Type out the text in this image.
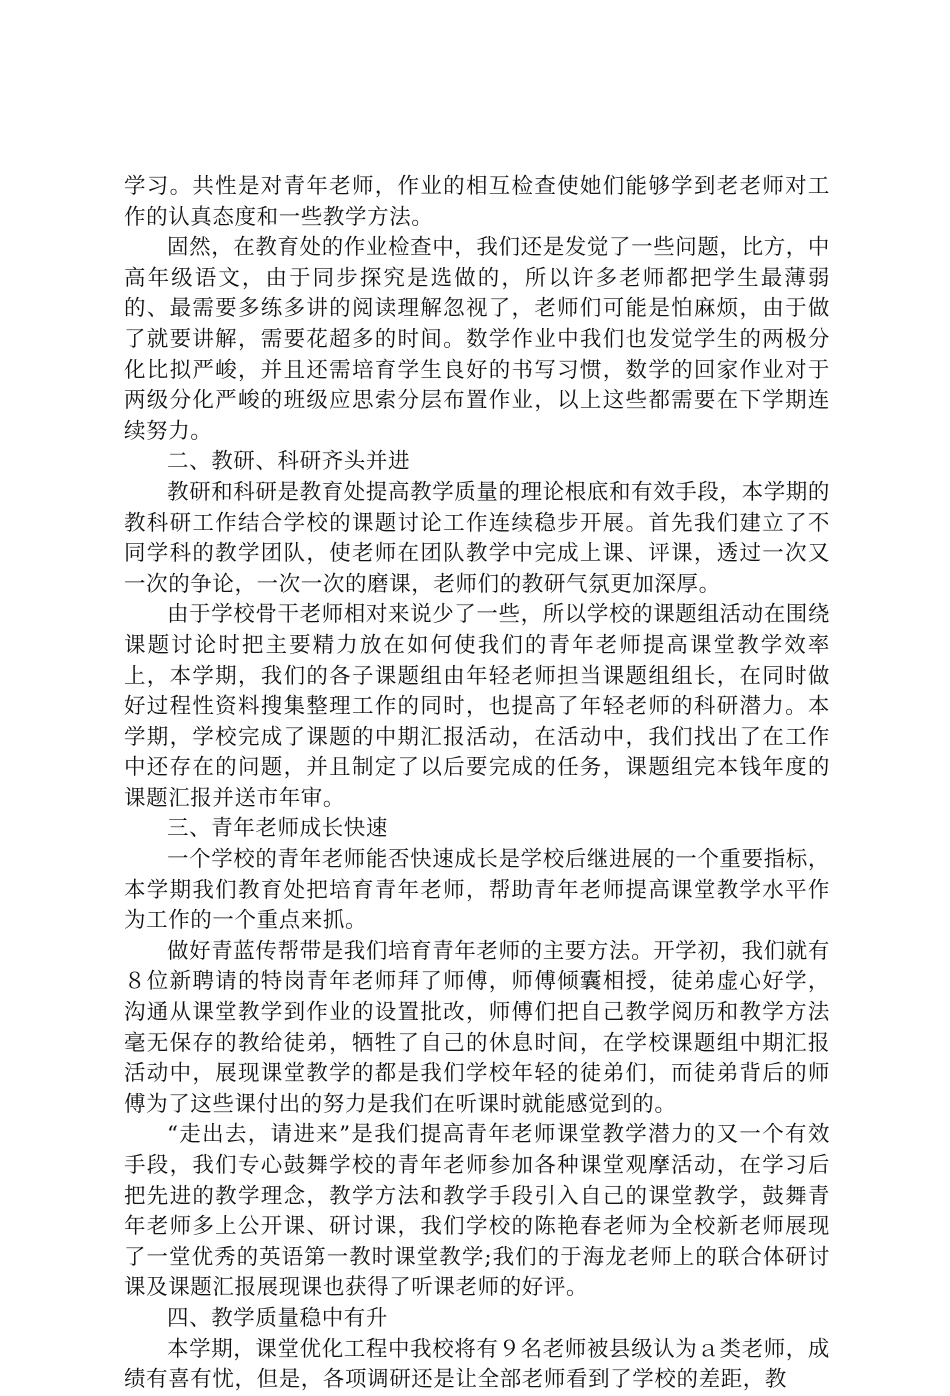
学习。共性是对青年老师，作业的相互检查使她们能够学到老老师对工作的认真态度和一些教学方法。

固然，在教育处的作业检查中，我们还是发觉了一些问题，比方，中高年级语文，由于同步探究是选做的，所以许多老师都把学生最薄弱的、最需要多练多讲的阅读理解忽视了，老师们可能是怕麻烦，由于做了就要讲解，需要花超多的时间。数学作业中我们也发觉学生的两极分化比拟严峻，并且还需培育学生良好的书写习惯，数学的回家作业对于两级分化严峻的班级应思索分层布置作业，以上这些都需要在下学期连续努力。

二、教研、科研齐头并进

教研和科研是教育处提高教学质量的理论根底和有效手段，本学期的教科研工作结合学校的课题讨论工作连续稳步开展。首先我们建立了不同学科的教学团队，使老师在团队教学中完成上课、评课，透过一次又一次的争论，一次一次的磨课，老师们的教研气氛更加深厚。

由于学校骨干老师相对来说少了一些，所以学校的课题组活动在围绕课题讨论时把主要精力放在如何使我们的青年老师提高课堂教学效率上，本学期，我们的各子课题组由年轻老师担当课题组组长，在同时做好过程性资料搜集整理工作的同时，也提高了年轻老师的科研潜力。本学期，学校完成了课题的中期汇报活动，在活动中，我们找出了在工作中还存在的问题，并且制定了以后要完成的任务，课题组完本钱年度的课题汇报并送市年审。

三、青年老师成长快速

一个学校的青年老师能否快速成长是学校后继进展的一个重要指标，本学期我们教育处把培育青年老师，帮助青年老师提高课堂教学水平作为工作的一个重点来抓。

做好青蓝传帮带是我们培育青年老师的主要方法。开学初，我们就有８位新聘请的特岗青年老师拜了师傅，师傅倾囊相授，徒弟虚心好学，沟通从课堂教学到作业的设置批改，师傅们把自己教学阅历和教学方法毫无保存的教给徒弟，牺牲了自己的休息时间，在学校课题组中期汇报活动中，展现课堂教学的都是我们学校年轻的徒弟们，而徒弟背后的师傅为了这些课付出的努力是我们在听课时就能感觉到的。

“走出去，请进来”是我们提高青年老师课堂教学潜力的又一个有效手段，我们专心鼓舞学校的青年老师参加各种课堂观摩活动，在学习后把先进的教学理念，教学方法和教学手段引入自己的课堂教学，鼓舞青年老师多上公开课、研讨课，我们学校的陈艳春老师为全校新老师展现了一堂优秀的英语第一教时课堂教学;我们的于海龙老师上的联合体研讨课及课题汇报展现课也获得了听课老师的好评。

四、教学质量稳中有升

本学期，课堂优化工程中我校将有９名老师被县级认为ａ类老师，成绩有喜有忧，但是，各项调研还是让全部老师看到了学校的差距，教
